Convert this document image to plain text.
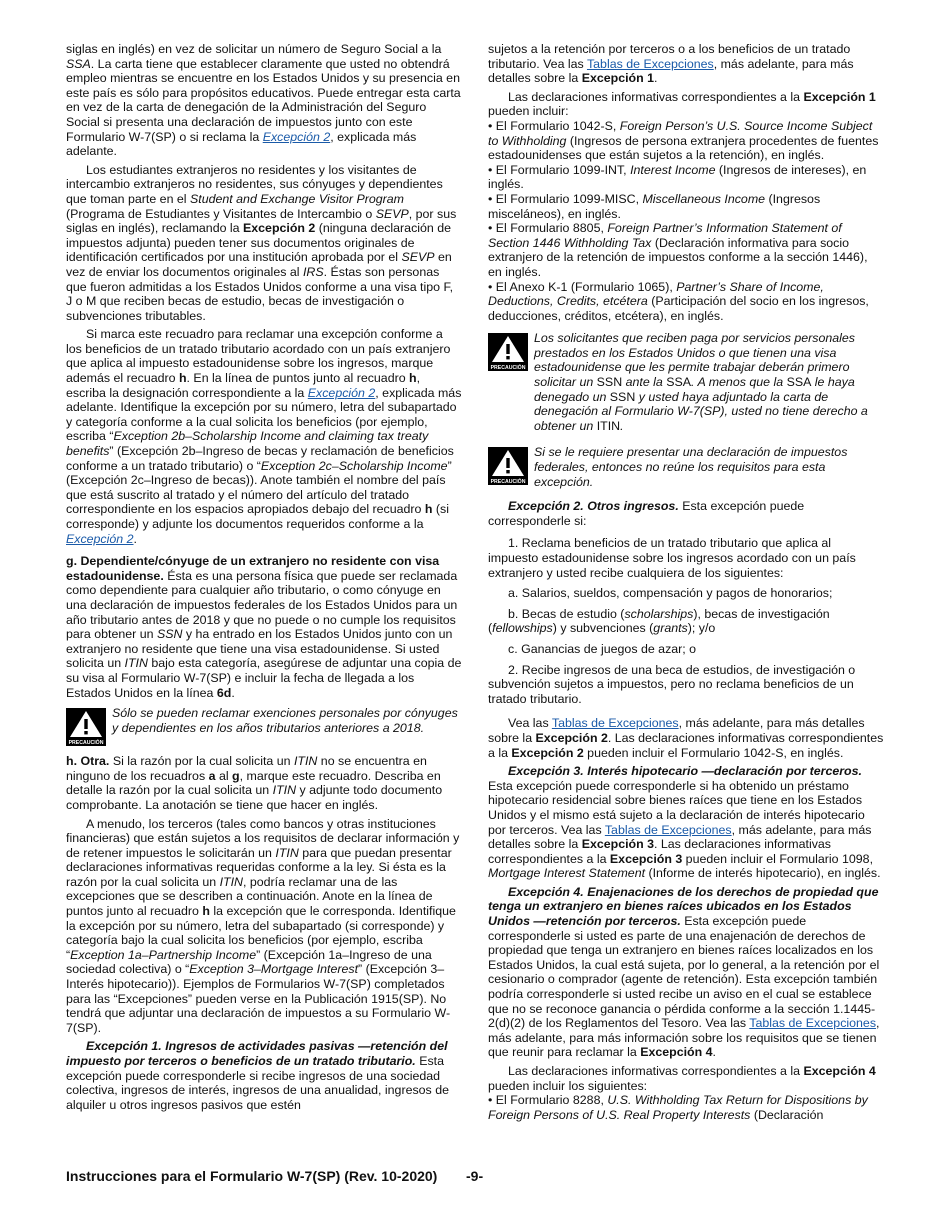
siglas en inglés) en vez de solicitar un número de Seguro Social a la SSA. La carta tiene que establecer claramente que usted no obtendrá empleo mientras se encuentre en los Estados Unidos y su presencia en este país es sólo para propósitos educativos. Puede entregar esta carta en vez de la carta de denegación de la Administración del Seguro Social si presenta una declaración de impuestos junto con este Formulario W-7(SP) o si reclama la Excepción 2, explicada más adelante.

Los estudiantes extranjeros no residentes y los visitantes de intercambio extranjeros no residentes, sus cónyuges y dependientes que toman parte en el Student and Exchange Visitor Program (Programa de Estudiantes y Visitantes de Intercambio o SEVP, por sus siglas en inglés), reclamando la Excepción 2 (ninguna declaración de impuestos adjunta) pueden tener sus documentos originales de identificación certificados por una institución aprobada por el SEVP en vez de enviar los documentos originales al IRS. Éstas son personas que fueron admitidas a los Estados Unidos conforme a una visa tipo F, J o M que reciben becas de estudio, becas de investigación o subvenciones tributables.

Si marca este recuadro para reclamar una excepción conforme a los beneficios de un tratado tributario acordado con un país extranjero que aplica al impuesto estadounidense sobre los ingresos, marque además el recuadro h. En la línea de puntos junto al recuadro h, escriba la designación correspondiente a la Excepción 2, explicada más adelante. Identifique la excepción por su número, letra del subapartado y categoría conforme a la cual solicita los beneficios (por ejemplo, escriba “Exception 2b–Scholarship Income and claiming tax treaty benefits” (Excepción 2b–Ingreso de becas y reclamación de beneficios conforme a un tratado tributario) o “Exception 2c–Scholarship Income” (Excepción 2c–Ingreso de becas)). Anote también el nombre del país que está suscrito al tratado y el número del artículo del tratado correspondiente en los espacios apropiados debajo del recuadro h (si corresponde) y adjunte los documentos requeridos conforme a la Excepción 2.

g. Dependiente/cónyuge de un extranjero no residente con visa estadounidense. Ésta es una persona física que puede ser reclamada como dependiente para cualquier año tributario, o como cónyuge en una declaración de impuestos federales de los Estados Unidos para un año tributario antes de 2018 y que no puede o no cumple los requisitos para obtener un SSN y ha entrado en los Estados Unidos junto con un extranjero no residente que tiene una visa estadounidense. Si usted solicita un ITIN bajo esta categoría, asegúrese de adjuntar una copia de su visa al Formulario W-7(SP) e incluir la fecha de llegada a los Estados Unidos en la línea 6d.

PRECAUCIÓN
Sólo se pueden reclamar exenciones personales por cónyuges y dependientes en los años tributarios anteriores a 2018.

h. Otra. Si la razón por la cual solicita un ITIN no se encuentra en ninguno de los recuadros a al g, marque este recuadro. Describa en detalle la razón por la cual solicita un ITIN y adjunte todo documento comprobante. La anotación se tiene que hacer en inglés.

A menudo, los terceros (tales como bancos y otras instituciones financieras) que están sujetos a los requisitos de declarar información y de retener impuestos le solicitarán un ITIN para que puedan presentar declaraciones informativas requeridas conforme a la ley. Si ésta es la razón por la cual solicita un ITIN, podría reclamar una de las excepciones que se describen a continuación. Anote en la línea de puntos junto al recuadro h la excepción que le corresponda. Identifique la excepción por su número, letra del subapartado (si corresponde) y categoría bajo la cual solicita los beneficios (por ejemplo, escriba “Exception 1a–Partnership Income” (Excepción 1a–Ingreso de una sociedad colectiva) o “Exception 3–Mortgage Interest” (Excepción 3–Interés hipotecario)). Ejemplos de Formularios W-7(SP) completados para las “Excepciones” pueden verse en la Publicación 1915(SP). No tendrá que adjuntar una declaración de impuestos a su Formulario W-7(SP).

Excepción 1. Ingresos de actividades pasivas —retención del impuesto por terceros o beneficios de un tratado tributario. Esta excepción puede corresponderle si recibe ingresos de una sociedad colectiva, ingresos de interés, ingresos de una anualidad, ingresos de alquiler u otros ingresos pasivos que estén

sujetos a la retención por terceros o a los beneficios de un tratado tributario. Vea las Tablas de Excepciones, más adelante, para más detalles sobre la Excepción 1.

Las declaraciones informativas correspondientes a la Excepción 1 pueden incluir:

• El Formulario 1042-S, Foreign Person’s U.S. Source Income Subject to Withholding (Ingresos de persona extranjera procedentes de fuentes estadounidenses que están sujetos a la retención), en inglés.

• El Formulario 1099-INT, Interest Income (Ingresos de intereses), en inglés.

• El Formulario 1099-MISC, Miscellaneous Income (Ingresos misceláneos), en inglés.

• El Formulario 8805, Foreign Partner’s Information Statement of Section 1446 Withholding Tax (Declaración informativa para socio extranjero de la retención de impuestos conforme a la sección 1446), en inglés.

• El Anexo K-1 (Formulario 1065), Partner’s Share of Income, Deductions, Credits, etcétera (Participación del socio en los ingresos, deducciones, créditos, etcétera), en inglés.

PRECAUCIÓN
Los solicitantes que reciben paga por servicios personales prestados en los Estados Unidos o que tienen una visa estadounidense que les permite trabajar deberán primero solicitar un SSN ante la SSA. A menos que la SSA le haya denegado un SSN y usted haya adjuntado la carta de denegación al Formulario W-7(SP), usted no tiene derecho a obtener un ITIN.
PRECAUCIÓN
Si se le requiere presentar una declaración de impuestos federales, entonces no reúne los requisitos para esta excepción.

Excepción 2. Otros ingresos. Esta excepción puede corresponderle si:

1. Reclama beneficios de un tratado tributario que aplica al impuesto estadounidense sobre los ingresos acordado con un país extranjero y usted recibe cualquiera de los siguientes:

a. Salarios, sueldos, compensación y pagos de honorarios;

b. Becas de estudio (scholarships), becas de investigación (fellowships) y subvenciones (grants); y/o

c. Ganancias de juegos de azar; o

2. Recibe ingresos de una beca de estudios, de investigación o subvención sujetos a impuestos, pero no reclama beneficios de un tratado tributario.

Vea las Tablas de Excepciones, más adelante, para más detalles sobre la Excepción 2. Las declaraciones informativas correspondientes a la Excepción 2 pueden incluir el Formulario 1042-S, en inglés.

Excepción 3. Interés hipotecario —declaración por terceros. Esta excepción puede corresponderle si ha obtenido un préstamo hipotecario residencial sobre bienes raíces que tiene en los Estados Unidos y el mismo está sujeto a la declaración de interés hipotecario por terceros. Vea las Tablas de Excepciones, más adelante, para más detalles sobre la Excepción 3. Las declaraciones informativas correspondientes a la Excepción 3 pueden incluir el Formulario 1098, Mortgage Interest Statement (Informe de interés hipotecario), en inglés.

Excepción 4. Enajenaciones de los derechos de propiedad que tenga un extranjero en bienes raíces ubicados en los Estados Unidos —retención por terceros. Esta excepción puede corresponderle si usted es parte de una enajenación de derechos de propiedad que tenga un extranjero en bienes raíces localizados en los Estados Unidos, la cual está sujeta, por lo general, a la retención por el cesionario o comprador (agente de retención). Esta excepción también podría corresponderle si usted recibe un aviso en el cual se establece que no se reconoce ganancia o pérdida conforme a la sección 1.1445-2(d)(2) de los Reglamentos del Tesoro. Vea las Tablas de Excepciones, más adelante, para más información sobre los requisitos que se tienen que reunir para reclamar la Excepción 4.

Las declaraciones informativas correspondientes a la Excepción 4 pueden incluir los siguientes:

• El Formulario 8288, U.S. Withholding Tax Return for Dispositions by Foreign Persons of U.S. Real Property Interests (Declaración

Instrucciones para el Formulario W-7(SP) (Rev. 10-2020) -9-
